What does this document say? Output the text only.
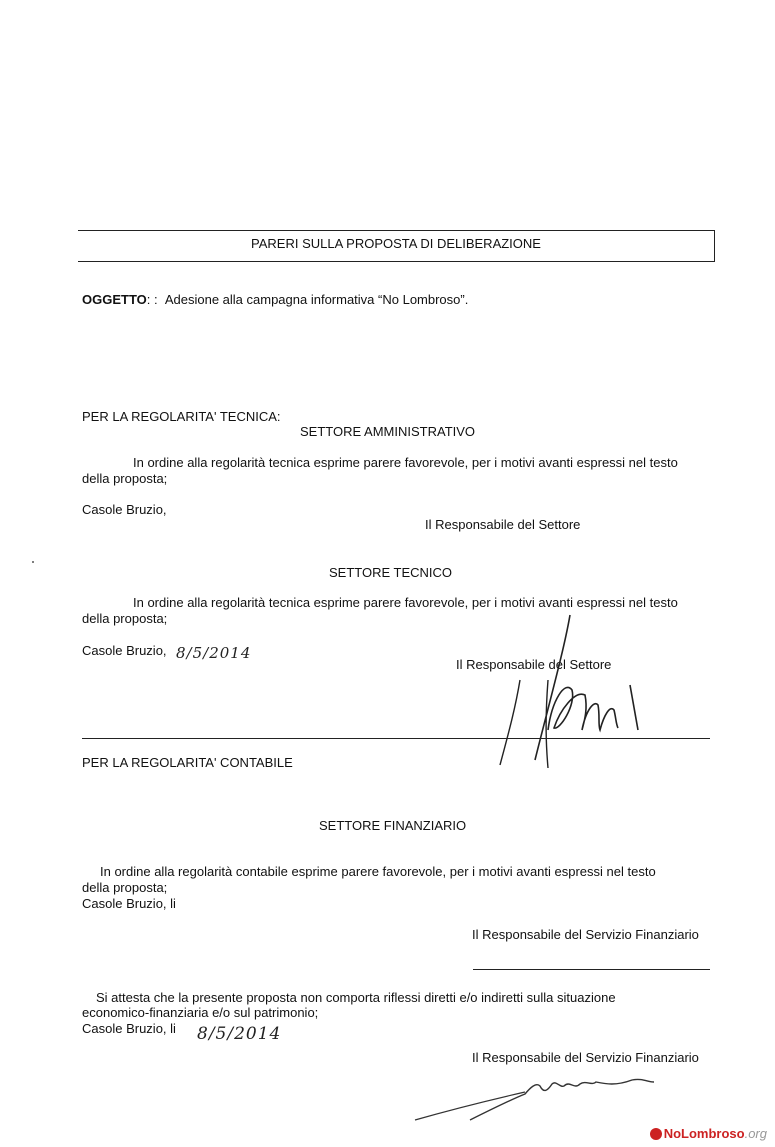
PARERI SULLA PROPOSTA DI DELIBERAZIONE
OGGETTO: : Adesione alla campagna informativa “No Lombroso”.
PER LA REGOLARITA' TECNICA:
SETTORE AMMINISTRATIVO
In ordine alla regolarità tecnica esprime parere favorevole, per i motivi avanti espressi nel testo
della proposta;
Casole Bruzio,
Il Responsabile del Settore
SETTORE TECNICO
In ordine alla regolarità tecnica esprime parere favorevole, per i motivi avanti espressi nel testo
della proposta;
Casole Bruzio, 8/5/2014
Il Responsabile del Settore
PER LA REGOLARITA' CONTABILE
SETTORE FINANZIARIO
In ordine alla regolarità contabile esprime parere favorevole, per i motivi avanti espressi nel testo
della proposta;
Casole Bruzio, li
Il Responsabile del Servizio Finanziario
Si attesta che la presente proposta non comporta riflessi diretti e/o indiretti sulla situazione
economico-finanziaria e/o sul patrimonio;
Casole Bruzio, li 8/5/2014
Il Responsabile del Servizio Finanziario
NoLombroso.org
